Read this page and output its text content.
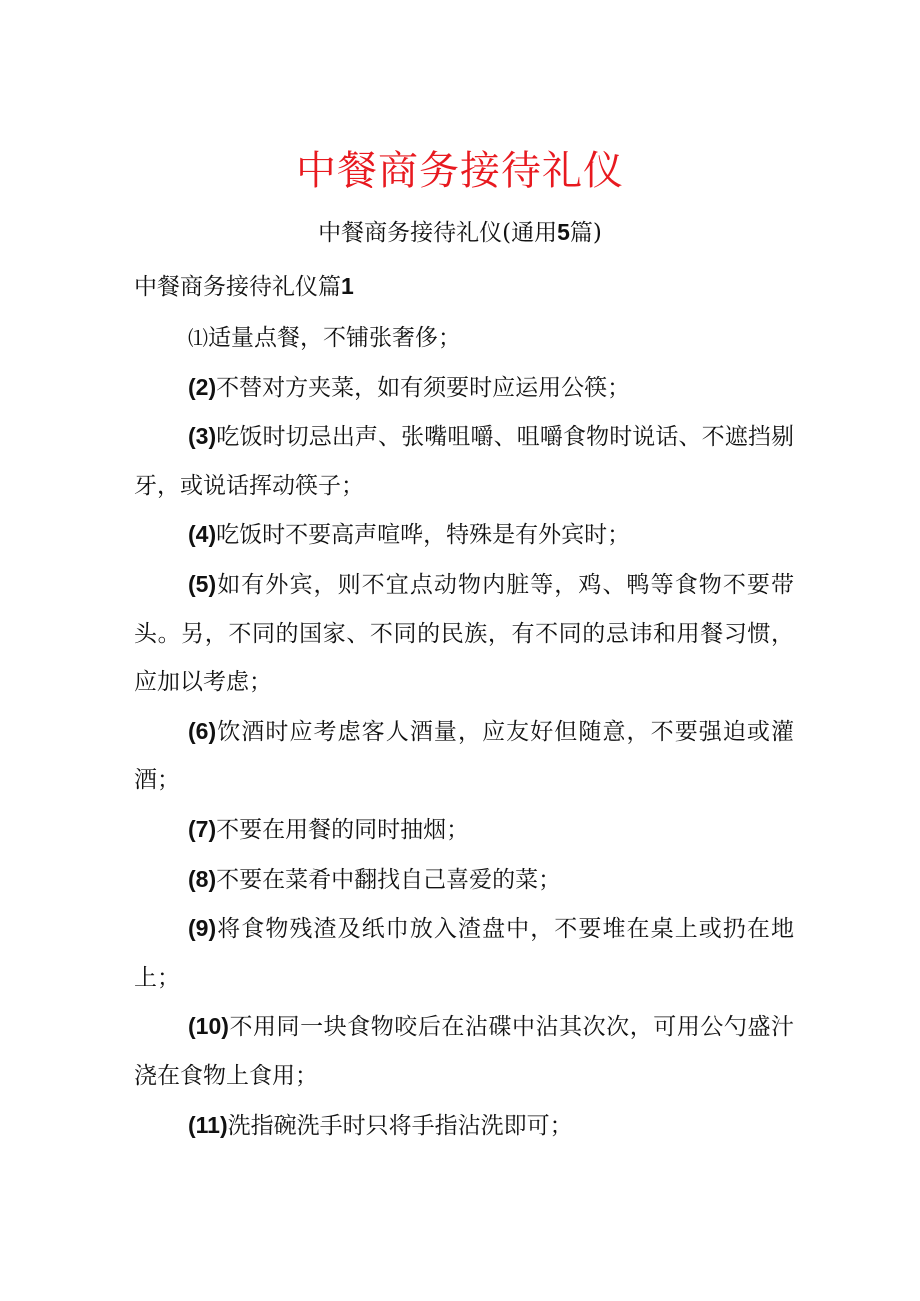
中餐商务接待礼仪

中餐商务接待礼仪(通用5篇)

中餐商务接待礼仪篇1
⑴适量点餐，不铺张奢侈；
(2)不替对方夹菜，如有须要时应运用公筷；
(3)吃饭时切忌出声、张嘴咀嚼、咀嚼食物时说话、不遮挡剔牙，或说话挥动筷子；
(4)吃饭时不要高声喧哗，特殊是有外宾时；
(5)如有外宾，则不宜点动物内脏等，鸡、鸭等食物不要带头。另，不同的国家、不同的民族，有不同的忌讳和用餐习惯，应加以考虑；
(6)饮酒时应考虑客人酒量，应友好但随意，不要强迫或灌酒；
(7)不要在用餐的同时抽烟；
(8)不要在菜肴中翻找自己喜爱的菜；
(9)将食物残渣及纸巾放入渣盘中，不要堆在桌上或扔在地上；
(10)不用同一块食物咬后在沾碟中沾其次次，可用公勺盛汁浇在食物上食用；
(11)洗指碗洗手时只将手指沾洗即可；
